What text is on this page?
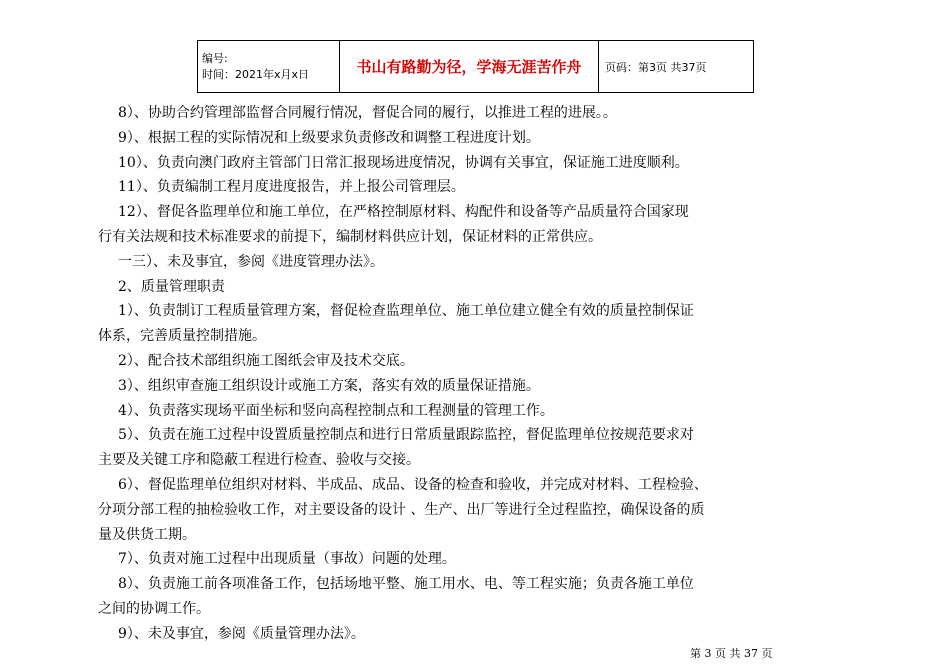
编号:
时间：2021年x月x日	书山有路勤为径，学海无涯苦作舟	页码：第3页 共37页

8）、协助合约管理部监督合同履行情况，督促合同的履行，以推进工程的进展。。

9）、根据工程的实际情况和上级要求负责修改和调整工程进度计划。

10）、负责向澳门政府主管部门日常汇报现场进度情况，协调有关事宜，保证施工进度顺利。

11）、负责编制工程月度进度报告，并上报公司管理层。

12）、督促各监理单位和施工单位，在严格控制原材料、构配件和设备等产品质量符合国家现

行有关法规和技术标准要求的前提下，编制材料供应计划，保证材料的正常供应。

一三）、未及事宜，参阅《进度管理办法》。

2、质量管理职责

1）、负责制订工程质量管理方案，督促检查监理单位、施工单位建立健全有效的质量控制保证

体系，完善质量控制措施。

2）、配合技术部组织施工图纸会审及技术交底。

3）、组织审查施工组织设计或施工方案，落实有效的质量保证措施。

4）、负责落实现场平面坐标和竖向高程控制点和工程测量的管理工作。

5）、负责在施工过程中设置质量控制点和进行日常质量跟踪监控，督促监理单位按规范要求对

主要及关键工序和隐蔽工程进行检查、验收与交接。

6）、督促监理单位组织对材料、半成品、成品、设备的检查和验收，并完成对材料、工程检验、

分项分部工程的抽检验收工作，对主要设备的设计 、生产、出厂等进行全过程监控，确保设备的质

量及供货工期。

7）、负责对施工过程中出现质量（事故）问题的处理。

8）、负责施工前各项准备工作，包括场地平整、施工用水、电、等工程实施；负责各施工单位

之间的协调工作。

9）、未及事宜，参阅《质量管理办法》。

第 3 页 共 37 页
